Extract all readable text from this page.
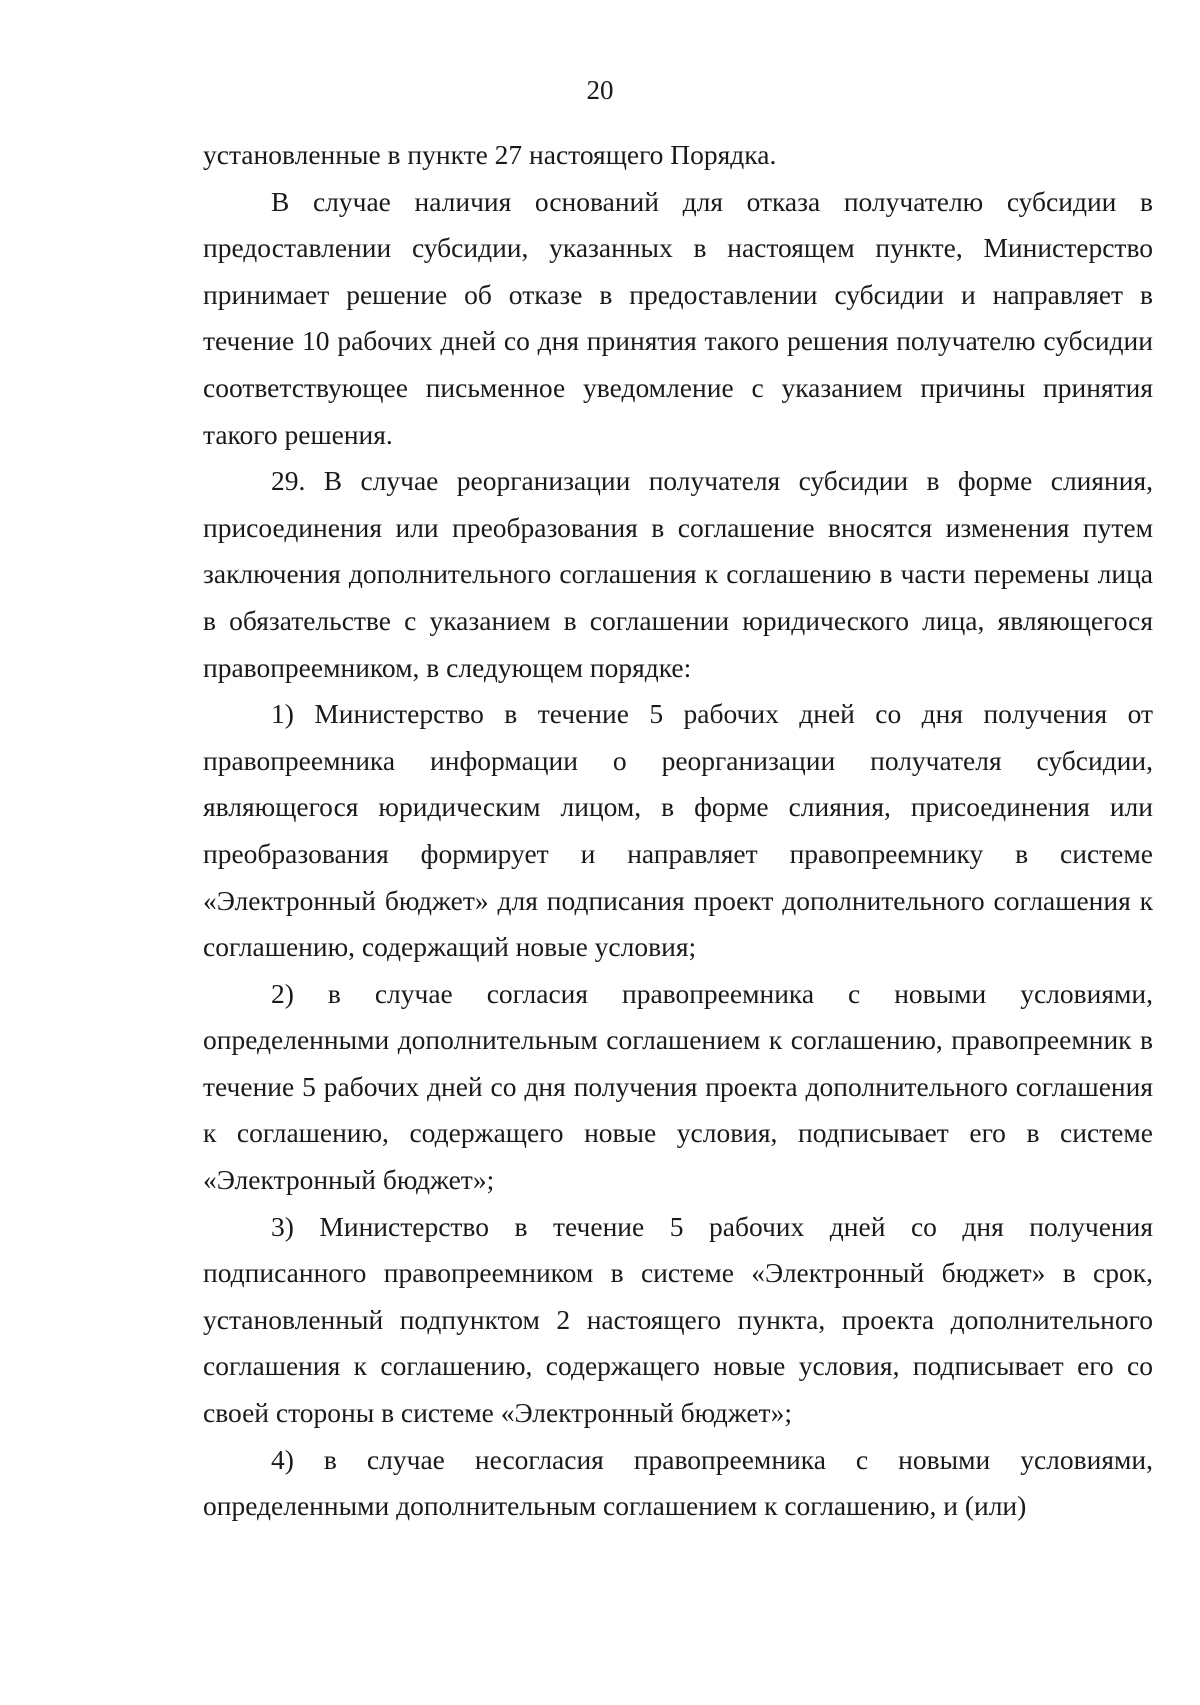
20

установленные в пункте 27 настоящего Порядка.

В случае наличия оснований для отказа получателю субсидии в предоставлении субсидии, указанных в настоящем пункте, Министерство принимает решение об отказе в предоставлении субсидии и направляет в течение 10 рабочих дней со дня принятия такого решения получателю субсидии соответствующее письменное уведомление с указанием причины принятия такого решения.

29. В случае реорганизации получателя субсидии в форме слияния, присоединения или преобразования в соглашение вносятся изменения путем заключения дополнительного соглашения к соглашению в части перемены лица в обязательстве с указанием в соглашении юридического лица, являющегося правопреемником, в следующем порядке:

1) Министерство в течение 5 рабочих дней со дня получения от правопреемника информации о реорганизации получателя субсидии, являющегося юридическим лицом, в форме слияния, присоединения или преобразования формирует и направляет правопреемнику в системе «Электронный бюджет» для подписания проект дополнительного соглашения к соглашению, содержащий новые условия;

2) в случае согласия правопреемника с новыми условиями, определенными дополнительным соглашением к соглашению, правопреемник в течение 5 рабочих дней со дня получения проекта дополнительного соглашения к соглашению, содержащего новые условия, подписывает его в системе «Электронный бюджет»;

3) Министерство в течение 5 рабочих дней со дня получения подписанного правопреемником в системе «Электронный бюджет» в срок, установленный подпунктом 2 настоящего пункта, проекта дополнительного соглашения к соглашению, содержащего новые условия, подписывает его со своей стороны в системе «Электронный бюджет»;

4) в случае несогласия правопреемника с новыми условиями, определенными дополнительным соглашением к соглашению, и (или)
